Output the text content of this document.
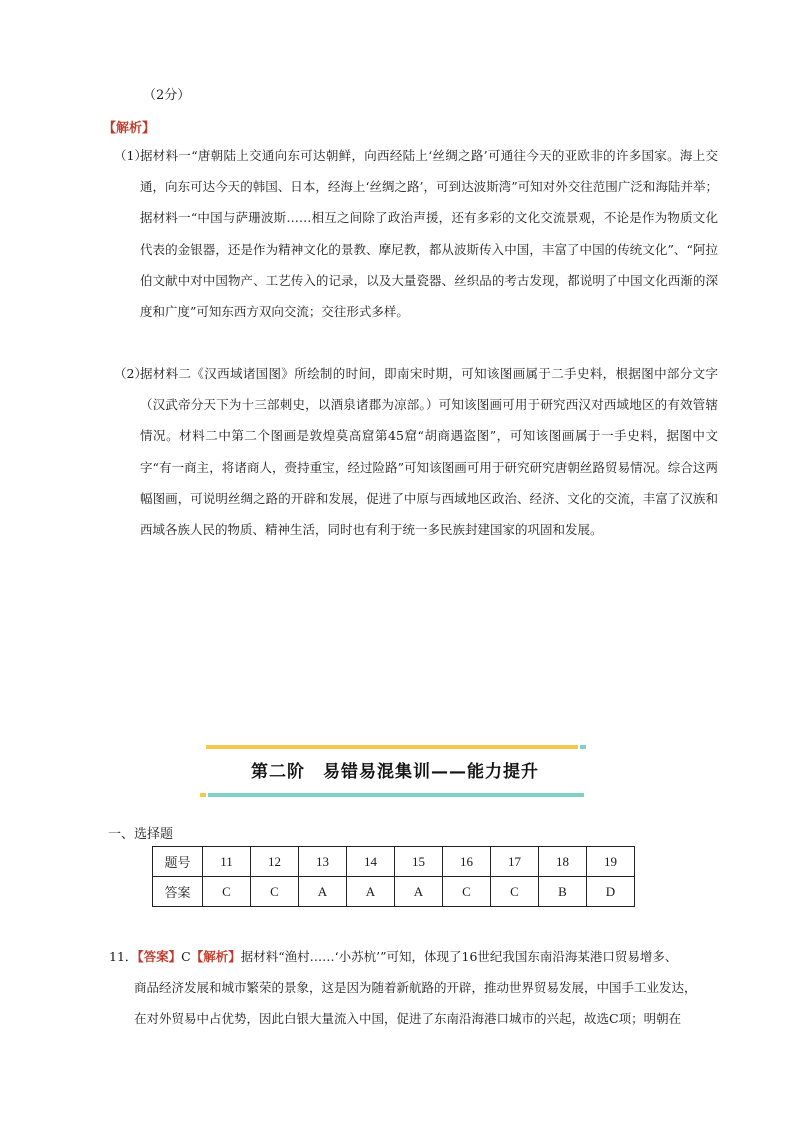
（2分）
【解析】
（1）

据材料一“唐朝陆上交通向东可达朝鲜，向西经陆上‘丝绸之路’可通往今天的亚欧非的许多国家。海上交通，向东可达今天的韩国、日本，经海上‘丝绸之路’，可到达波斯湾”可知对外交往范围广泛和海陆并举；据材料一“中国与萨珊波斯……相互之间除了政治声援，还有多彩的文化交流景观，不论是作为物质文化代表的金银器，还是作为精神文化的景教、摩尼教，都从波斯传入中国，丰富了中国的传统文化”、“阿拉伯文献中对中国物产、工艺传入的记录，以及大量瓷器、丝织品的考古发现，都说明了中国文化西渐的深度和广度”可知东西方双向交流；交往形式多样。

（2）

据材料二《汉西域诸国图》所绘制的时间，即南宋时期，可知该图画属于二手史料，根据图中部分文字（汉武帝分天下为十三部刺史，以酒泉诸郡为凉部。）可知该图画可用于研究西汉对西域地区的有效管辖情况。材料二中第二个图画是敦煌莫高窟第45窟“胡商遇盗图”，可知该图画属于一手史料，据图中文字“有一商主，将诸商人，赍持重宝，经过险路”可知该图画可用于研究研究唐朝丝路贸易情况。综合这两幅图画，可说明丝绸之路的开辟和发展，促进了中原与西域地区政治、经济、文化的交流，丰富了汉族和西域各族人民的物质、精神生活，同时也有利于统一多民族封建国家的巩固和发展。

第二阶　易错易混集训——能力提升
一、选择题
题号	11	12	13	14	15	16	17	18	19
答案	C	C	A	A	A	C	C	B	D
11．【答案】C【解析】据材料“渔村……‘小苏杭’”可知，体现了16世纪我国东南沿海某港口贸易增多、
商品经济发展和城市繁荣的景象，这是因为随着新航路的开辟，推动世界贸易发展，中国手工业发达，
在对外贸易中占优势，因此白银大量流入中国，促进了东南沿海港口城市的兴起，故选C项；明朝在
